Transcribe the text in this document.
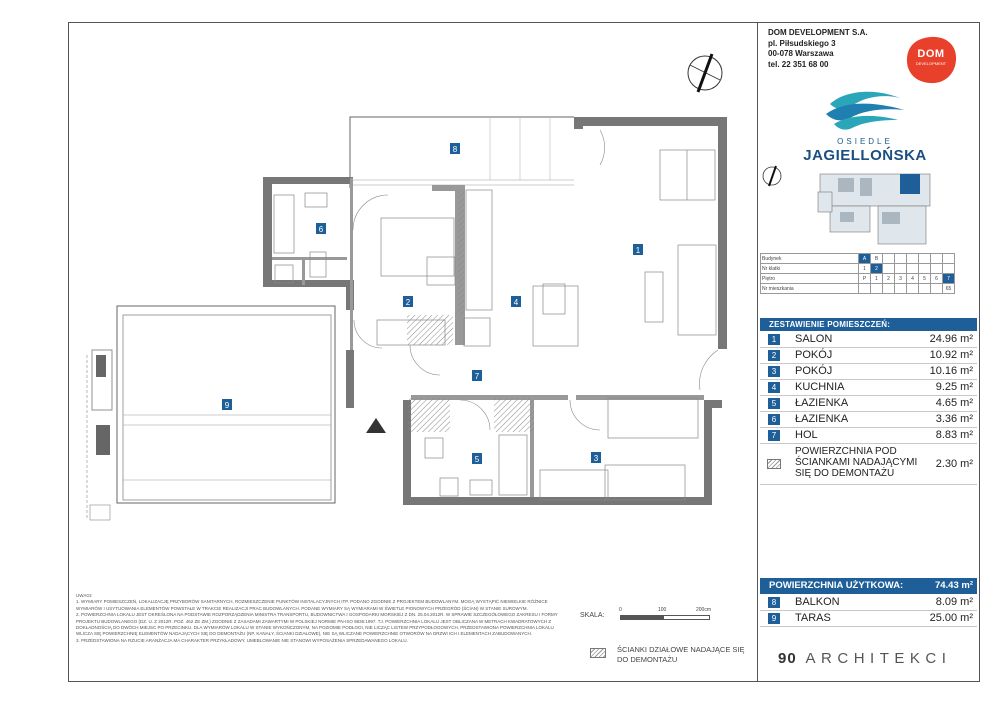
1
2
3
4
5
6
7
8
9
DOM DEVELOPMENT S.A.
pl. Piłsudskiego 3
00-078 Warszawa
tel. 22 351 68 00
DOM
DEVELOPMENT
OSIEDLE
JAGIELLOŃSKA
Budynek	A	B						
Nr klatki	1	2						
Piętro	P	1	2	3	4	5	6	7
Nr mieszkania								65
ZESTAWIENIE POMIESZCZEŃ:
1	SALON	24.96 m²
2	POKÓJ	10.92 m²
3	POKÓJ	10.16 m²
4	KUCHNIA	9.25 m²
5	ŁAZIENKA	4.65 m²
6	ŁAZIENKA	3.36 m²
7	HOL	8.83 m²
POWIERZCHNIA POD
ŚCIANKAMI NADAJĄCYMI
SIĘ DO DEMONTAŻU
2.30 m²
POWIERZCHNIA UŻYTKOWA:	74.43 m²
8	BALKON	8.09 m²
9	TARAS	25.00 m²

UWAGI:

1. WYMIARY POMIESZCZEŃ, LOKALIZACJĘ PRZYBORÓW SANITARNYCH, ROZMIESZCZENIE PUNKTÓW INSTALACYJNYCH ITP. PODANO ZGODNIE Z PROJEKTEM BUDOWLANYM. MOGĄ WYSTĄPIĆ NIEWIELKIE RÓŻNICE WYMIARÓW I USYTUOWANIA ELEMENTÓW POWSTAŁE W TRAKCIE REALIZACJI PRAC BUDOWLANYCH. PODANE WYMIARY SĄ WYMIARAMI W ŚWIETLE PIONOWYCH PRZEGRÓD (ŚCIAN) W STANIE SUROWYM.

2. POWIERZCHNIA LOKALU JEST OKREŚLONA NA PODSTAWIE ROZPORZĄDZENIA MINISTRA TRANSPORTU, BUDOWNICTWA I GOSPODARKI MORSKIEJ Z DN. 25.04.2012R. W SPRAWIE SZCZEGÓŁOWEGO ZAKRESU I FORMY PROJEKTU BUDOWLANEGO (DZ. U. Z 2012R. POZ. 462 ZE ZM.) ZGODNIE Z ZASADAMI ZAWARTYMI W POLSKIEJ NORMIE PN-ISO 9836:1997. TJ. POWIERZCHNIA LOKALU JEST OBLICZANA W METRACH KWADRATOWYCH Z DOKŁADNOŚCIĄ DO DWÓCH MIEJSC PO PRZECINKU. DLA WYMIARÓW LOKALU W STANIE WYKOŃCZONYM, NA POZIOMIE PODŁOGI, NIE LICZĄC LISTEW PRZYPODŁOGOWYCH. PRZEDSTAWIONA POWIERZCHNIA LOKALU WLICZA SIĘ POWIERZCHNIĘ ELEMENTÓW NADAJĄCYCH SIĘ DO DEMONTAŻU (NP. KANAŁY, ŚCIANKI DZIAŁOWE), NIE SĄ WLICZANE POWIERZCHNIE OTWORÓW NA DRZWI ICH I ELEMENTACH ZABUDOWANYCH.

3. PRZEDSTAWIONA NA RZUCIE ARANŻACJA MA CHARAKTER PRZYKŁADOWY, UMEBLOWANIE NIE STANOWI WYPOSAŻENIA SPRZEDAWANEGO LOKALU.

SKALA:
0	100	200cm
ŚCIANKI DZIAŁOWE NADAJĄCE SIĘ DO DEMONTAŻU	90 ARCHITEKCI
